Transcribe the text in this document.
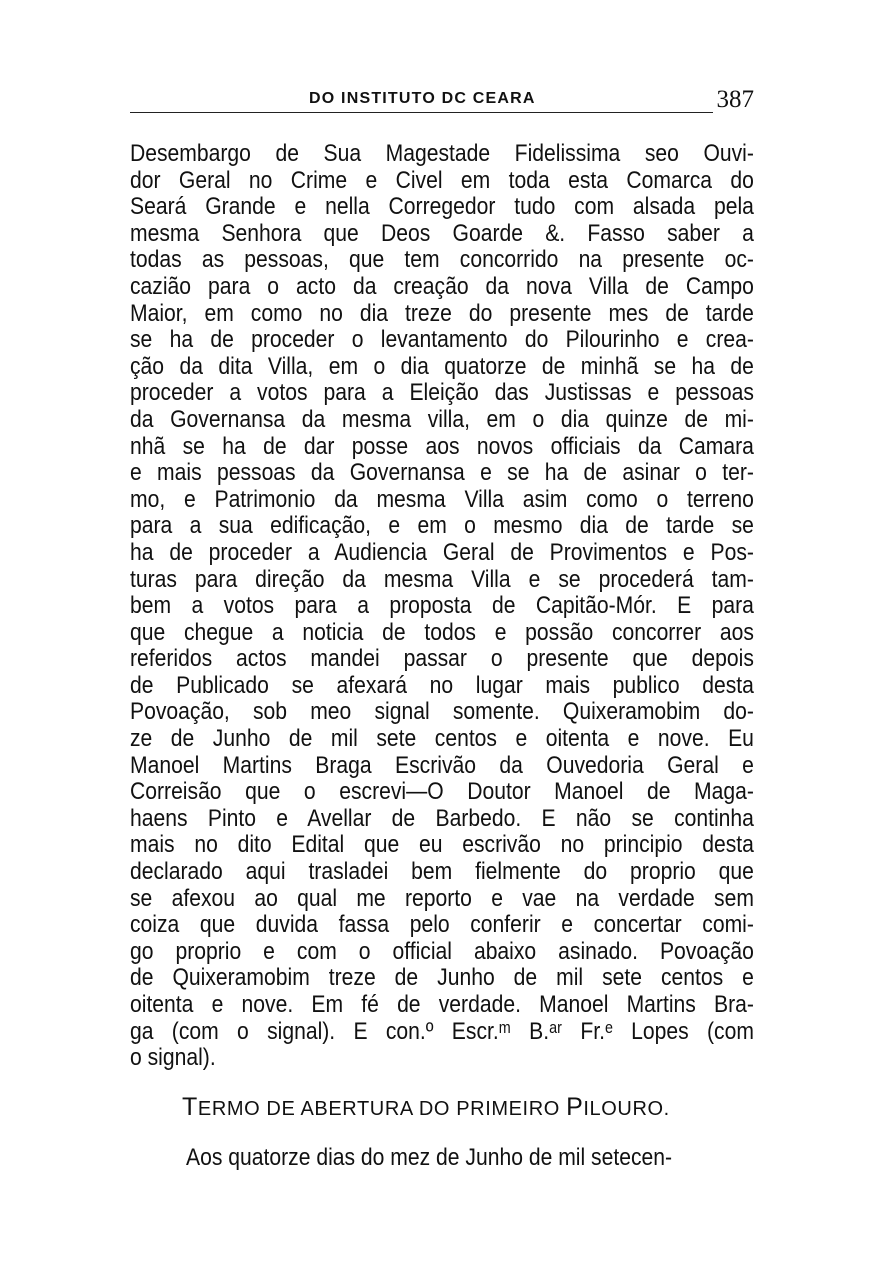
DO INSTITUTO DC CEARA	387
Desembargo de Sua Magestade Fidelissima seo Ouvi-
dor Geral no Crime e Civel em toda esta Comarca do
Seará Grande e nella Corregedor tudo com alsada pela
mesma Senhora que Deos Goarde &. Fasso saber a
todas as pessoas, que tem concorrido na presente oc-
cazião para o acto da creação da nova Villa de Campo
Maior, em como no dia treze do presente mes de tarde
se ha de proceder o levantamento do Pilourinho e crea-
ção da dita Villa, em o dia quatorze de minhã se ha de
proceder a votos para a Eleição das Justissas e pessoas
da Governansa da mesma villa, em o dia quinze de mi-
nhã se ha de dar posse aos novos officiais da Camara
e mais pessoas da Governansa e se ha de asinar o ter-
mo, e Patrimonio da mesma Villa asim como o terreno
para a sua edificação, e em o mesmo dia de tarde se
ha de proceder a Audiencia Geral de Provimentos e Pos-
turas para direção da mesma Villa e se procederá tam-
bem a votos para a proposta de Capitão-Mór. E para
que chegue a noticia de todos e possão concorrer aos
referidos actos mandei passar o presente que depois
de Publicado se afexará no lugar mais publico desta
Povoação, sob meo signal somente. Quixeramobim do-
ze de Junho de mil sete centos e oitenta e nove. Eu
Manoel Martins Braga Escrivão da Ouvedoria Geral e
Correisão que o escrevi—O Doutor Manoel de Maga-
haens Pinto e Avellar de Barbedo. E não se continha
mais no dito Edital que eu escrivão no principio desta
declarado aqui trasladei bem fielmente do proprio que
se afexou ao qual me reporto e vae na verdade sem
coiza que duvida fassa pelo conferir e concertar comi-
go proprio e com o official abaixo asinado. Povoação
de Quixeramobim treze de Junho de mil sete centos e
oitenta e nove. Em fé de verdade. Manoel Martins Bra-
ga (com o signal). E con.º Escr.ᵐ B.ᵃʳ Fr.ᵉ Lopes (com
o signal).
TERMO DE ABERTURA DO PRIMEIRO PILOURO.
Aos quatorze dias do mez de Junho de mil setecen-
